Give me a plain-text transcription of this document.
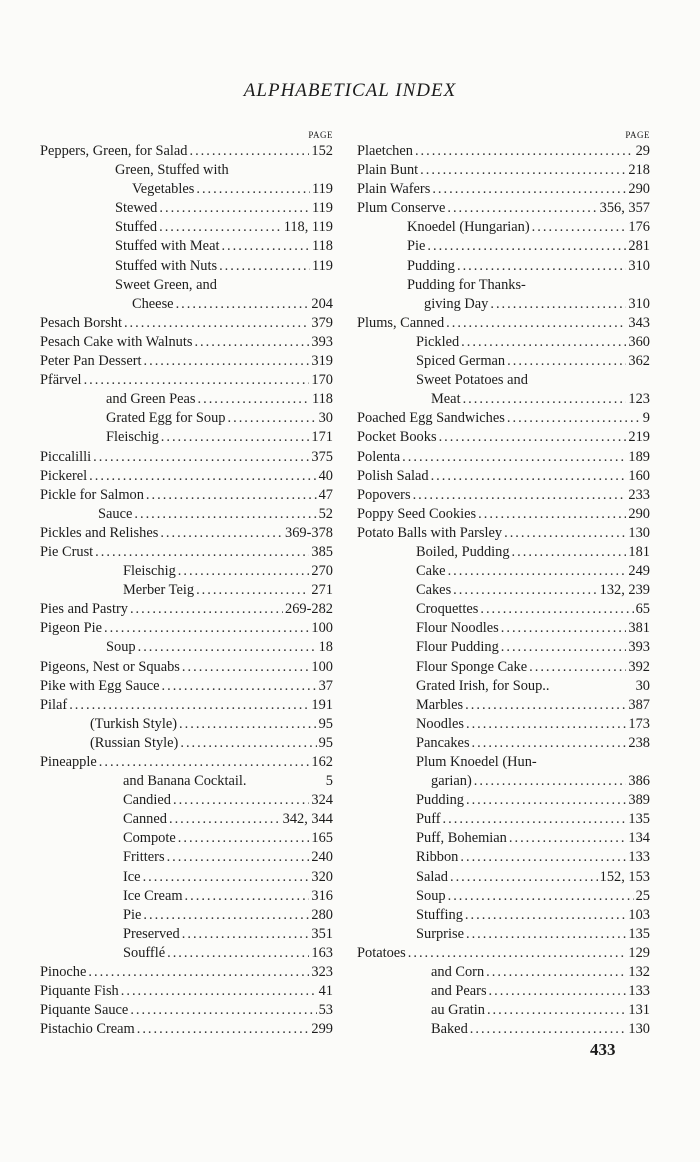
ALPHABETICAL INDEX
PAGE
Peppers, Green, for Salad .....	152
Green, Stuffed with
Vegetables .....	119
Stewed .....	119
Stuffed .....	118, 119
Stuffed with Meat .....	118
Stuffed with Nuts .....	119
Sweet Green, and
Cheese .....	204
Pesach Borsht .....	379
Pesach Cake with Walnuts .....	393
Peter Pan Dessert .....	319
Pfärvel .....	170
and Green Peas .....	118
Grated Egg for Soup .....	30
Fleischig .....	171
Piccalilli .....	375
Pickerel .....	40
Pickle for Salmon .....	47
Sauce .....	52
Pickles and Relishes .....	369-378
Pie Crust .....	385
Fleischig .....	270
Merber Teig .....	271
Pies and Pastry .....	269-282
Pigeon Pie .....	100
Soup .....	18
Pigeons, Nest or Squabs .....	100
Pike with Egg Sauce .....	37
Pilaf .....	191
(Turkish Style) .....	95
(Russian Style) .....	95
Pineapple .....	162
and Banana Cocktail.	5
Candied .....	324
Canned .....	342, 344
Compote .....	165
Fritters .....	240
Ice .....	320
Ice Cream .....	316
Pie .....	280
Preserved .....	351
Soufflé .....	163
Pinoche .....	323
Piquante Fish .....	41
Piquante Sauce .....	53
Pistachio Cream .....	299
PAGE
Plaetchen .....	29
Plain Bunt .....	218
Plain Wafers .....	290
Plum Conserve .....	356, 357
Knoedel (Hungarian) .....	176
Pie .....	281
Pudding .....	310
Pudding for Thanks-
giving Day .....	310
Plums, Canned .....	343
Pickled .....	360
Spiced German .....	362
Sweet Potatoes and
Meat .....	123
Poached Egg Sandwiches .....	9
Pocket Books .....	219
Polenta .....	189
Polish Salad .....	160
Popovers .....	233
Poppy Seed Cookies .....	290
Potato Balls with Parsley .....	130
Boiled, Pudding .....	181
Cake .....	249
Cakes .....	132, 239
Croquettes .....	65
Flour Noodles .....	381
Flour Pudding .....	393
Flour Sponge Cake .....	392
Grated Irish, for Soup..	30
Marbles .....	387
Noodles .....	173
Pancakes .....	238
Plum Knoedel (Hun-
garian) .....	386
Pudding .....	389
Puff .....	135
Puff, Bohemian .....	134
Ribbon .....	133
Salad .....	152, 153
Soup .....	25
Stuffing .....	103
Surprise .....	135
Potatoes .....	129
and Corn .....	132
and Pears .....	133
au Gratin .....	131
Baked .....	130
433
